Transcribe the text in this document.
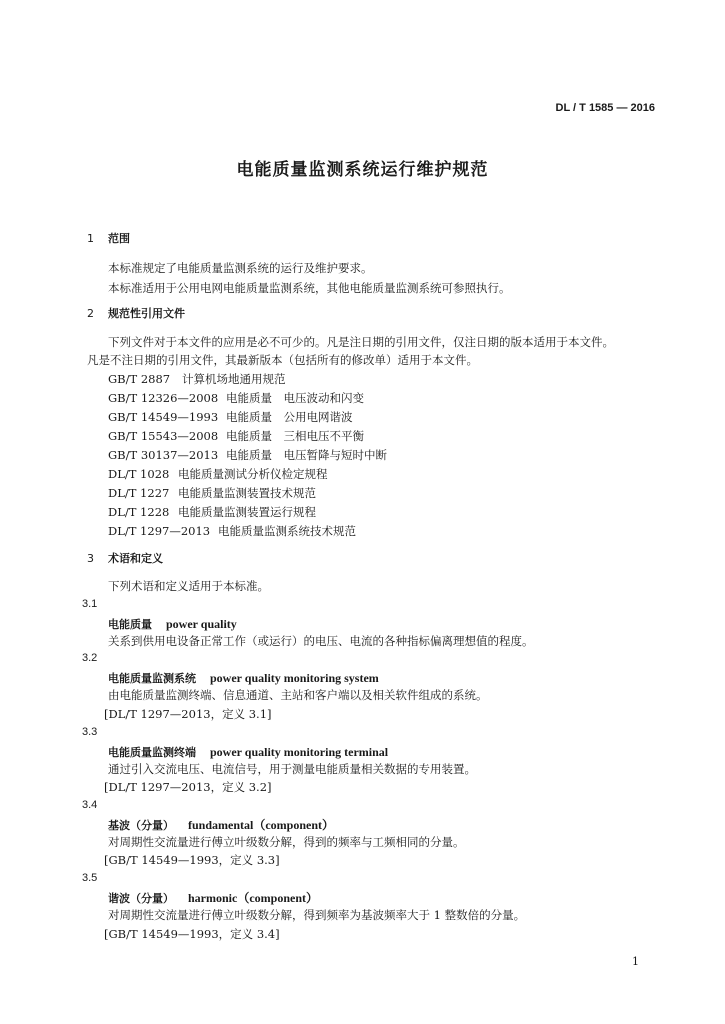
DL / T 1585 — 2016
电能质量监测系统运行维护规范
1 范围
本标准规定了电能质量监测系统的运行及维护要求。
本标准适用于公用电网电能质量监测系统，其他电能质量监测系统可参照执行。
2 规范性引用文件
下列文件对于本文件的应用是必不可少的。凡是注日期的引用文件，仅注日期的版本适用于本文件。
凡是不注日期的引用文件，其最新版本（包括所有的修改单）适用于本文件。
GB/T 2887 计算机场地通用规范
GB/T 12326—2008 电能质量　电压波动和闪变
GB/T 14549—1993 电能质量　公用电网谐波
GB/T 15543—2008 电能质量　三相电压不平衡
GB/T 30137—2013 电能质量　电压暂降与短时中断
DL/T 1028 电能质量测试分析仪检定规程
DL/T 1227 电能质量监测装置技术规范
DL/T 1228 电能质量监测装置运行规程
DL/T 1297—2013 电能质量监测系统技术规范
3 术语和定义
下列术语和定义适用于本标准。
3.1
电能质量 power quality
关系到供用电设备正常工作（或运行）的电压、电流的各种指标偏离理想值的程度。
3.2
电能质量监测系统 power quality monitoring system
由电能质量监测终端、信息通道、主站和客户端以及相关软件组成的系统。
[DL/T 1297—2013，定义 3.1]
3.3
电能质量监测终端 power quality monitoring terminal
通过引入交流电压、电流信号，用于测量电能质量相关数据的专用装置。
[DL/T 1297—2013，定义 3.2]
3.4
基波（分量） fundamental（component）
对周期性交流量进行傅立叶级数分解，得到的频率与工频相同的分量。
[GB/T 14549—1993，定义 3.3]
3.5
谐波（分量） harmonic（component）
对周期性交流量进行傅立叶级数分解，得到频率为基波频率大于 1 整数倍的分量。
[GB/T 14549—1993，定义 3.4]
1
